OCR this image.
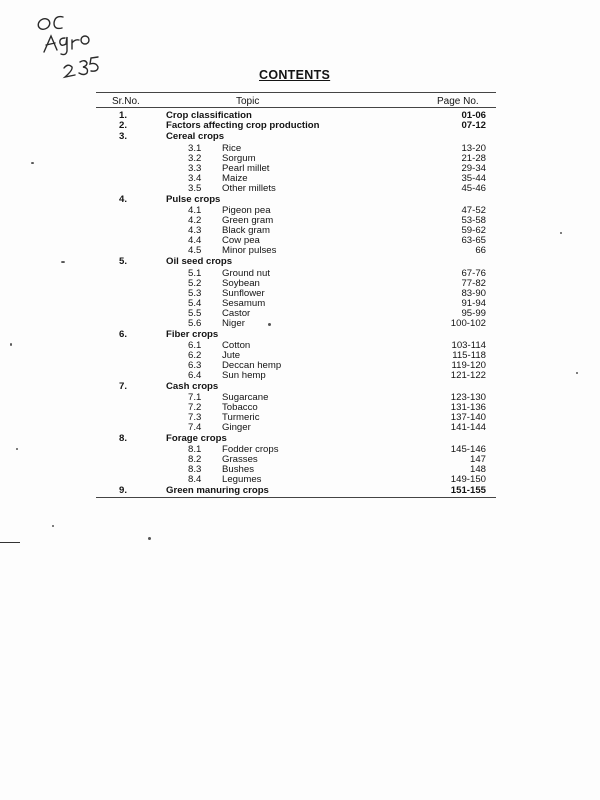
CONTENTS
Sr.No.	Topic	Page No.
1.	Crop classification	01-06
2.	Factors affecting crop production	07-12
3.	Cereal crops
3.1 Rice	13-20
3.2 Sorgum	21-28
3.3 Pearl millet	29-34
3.4 Maize	35-44
3.5 Other millets	45-46
4.	Pulse crops
4.1 Pigeon pea	47-52
4.2 Green gram	53-58
4.3 Black gram	59-62
4.4 Cow pea	63-65
4.5 Minor pulses	66
5.	Oil seed crops
5.1 Ground nut	67-76
5.2 Soybean	77-82
5.3 Sunflower	83-90
5.4 Sesamum	91-94
5.5 Castor	95-99
5.6 Niger	100-102
6.	Fiber crops
6.1 Cotton	103-114
6.2 Jute	115-118
6.3 Deccan hemp	119-120
6.4 Sun hemp	121-122
7.	Cash crops
7.1 Sugarcane	123-130
7.2 Tobacco	131-136
7.3 Turmeric	137-140
7.4 Ginger	141-144
8.	Forage crops
8.1 Fodder crops	145-146
8.2 Grasses	147
8.3 Bushes	148
8.4 Legumes	149-150
9.	Green manuring crops	151-155
